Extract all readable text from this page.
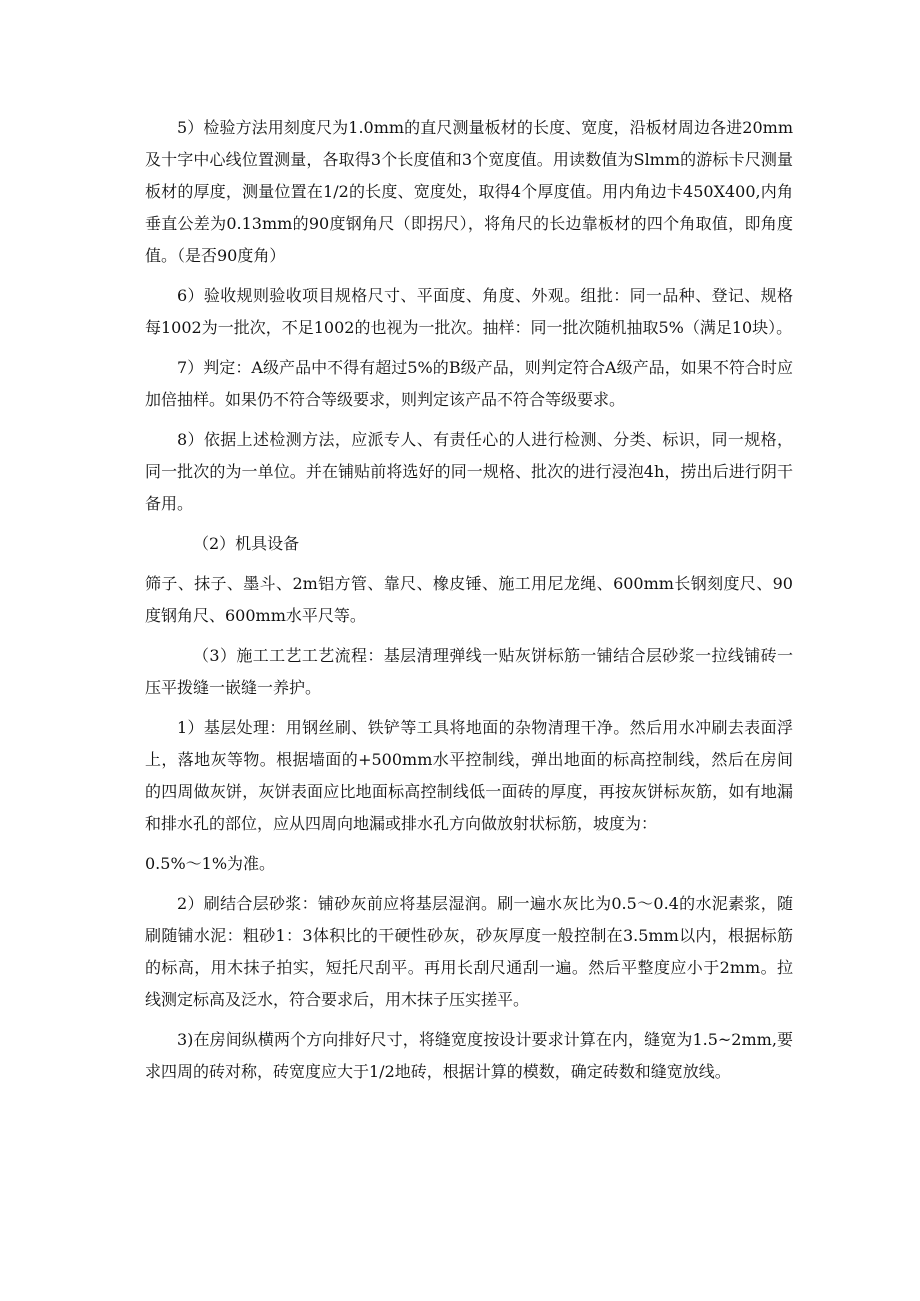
5）检验方法用刻度尺为1.0mm的直尺测量板材的长度、宽度，沿板材周边各进20mm及十字中心线位置测量，各取得3个长度值和3个宽度值。用读数值为Slmm的游标卡尺测量板材的厚度，测量位置在1/2的长度、宽度处，取得4个厚度值。用内角边卡450X400,内角垂直公差为0.13mm的90度钢角尺（即拐尺），将角尺的长边靠板材的四个角取值，即角度值。（是否90度角）

6）验收规则验收项目规格尺寸、平面度、角度、外观。组批：同一品种、登记、规格每1002为一批次，不足1002的也视为一批次。抽样：同一批次随机抽取5%（满足10块）。

7）判定：A级产品中不得有超过5%的B级产品，则判定符合A级产品，如果不符合时应加倍抽样。如果仍不符合等级要求，则判定该产品不符合等级要求。

8）依据上述检测方法，应派专人、有责任心的人进行检测、分类、标识，同一规格，同一批次的为一单位。并在铺贴前将选好的同一规格、批次的进行浸泡4h，捞出后进行阴干备用。

（2）机具设备

筛子、抹子、墨斗、2m铝方管、靠尺、橡皮锤、施工用尼龙绳、600mm长钢刻度尺、90度钢角尺、600mm水平尺等。

（3）施工工艺工艺流程：基层清理弹线一贴灰饼标筋一铺结合层砂浆一拉线铺砖一压平拨缝一嵌缝一养护。

1）基层处理：用钢丝刷、铁铲等工具将地面的杂物清理干净。然后用水冲刷去表面浮上，落地灰等物。根据墙面的+500mm水平控制线，弹出地面的标高控制线，然后在房间的四周做灰饼，灰饼表面应比地面标高控制线低一面砖的厚度，再按灰饼标灰筋，如有地漏和排水孔的部位，应从四周向地漏或排水孔方向做放射状标筋，坡度为：

0.5%～1%为准。

2）刷结合层砂浆：铺砂灰前应将基层湿润。刷一遍水灰比为0.5～0.4的水泥素浆，随刷随铺水泥：粗砂1：3体积比的干硬性砂灰，砂灰厚度一般控制在3.5mm以内，根据标筋的标高，用木抹子拍实，短托尺刮平。再用长刮尺通刮一遍。然后平整度应小于2mm。拉线测定标高及泛水，符合要求后，用木抹子压实搓平。

3)在房间纵横两个方向排好尺寸，将缝宽度按设计要求计算在内，缝宽为1.5~2mm,要求四周的砖对称，砖宽度应大于1/2地砖，根据计算的模数，确定砖数和缝宽放线。
